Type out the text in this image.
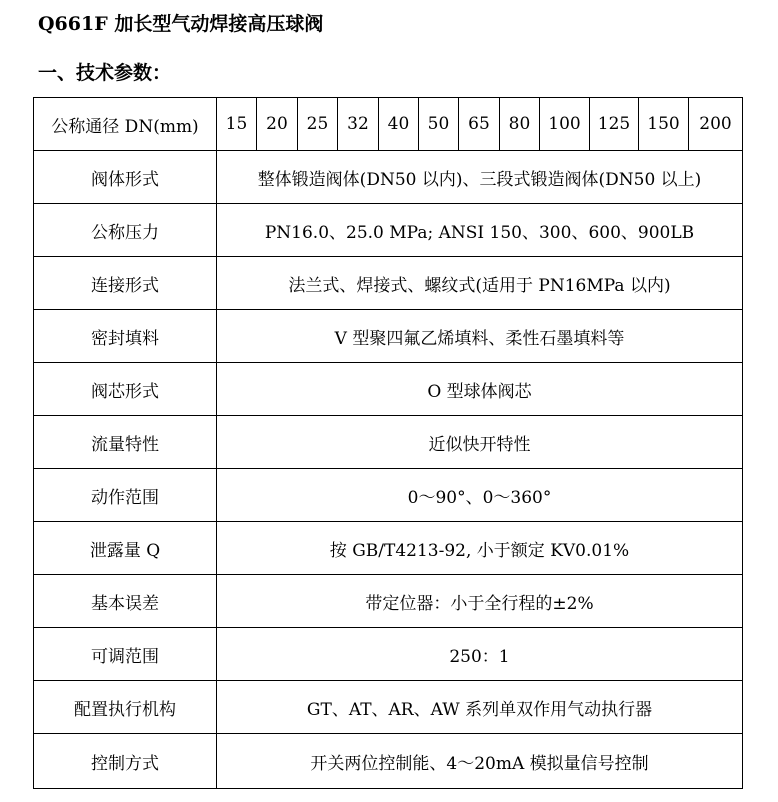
Q661F 加长型气动焊接高压球阀
一、技术参数：
公称通径 DN(mm)	15	20	25	32	40	50	65	80	100	125	150	200
阀体形式	整体锻造阀体(DN50 以内)、三段式锻造阀体(DN50 以上)											
公称压力	PN16.0、25.0 MPa; ANSI 150、300、600、900LB											
连接形式	法兰式、焊接式、螺纹式(适用于 PN16MPa 以内)											
密封填料	V 型聚四氟乙烯填料、柔性石墨填料等											
阀芯形式	O 型球体阀芯											
流量特性	近似快开特性											
动作范围	0～90°、0～360°											
泄露量 Q	按 GB/T4213-92, 小于额定 KV0.01%											
基本误差	带定位器：小于全行程的±2%											
可调范围	250：1											
配置执行机构	GT、AT、AR、AW 系列单双作用气动执行器											
控制方式	开关两位控制能、4～20mA 模拟量信号控制											
